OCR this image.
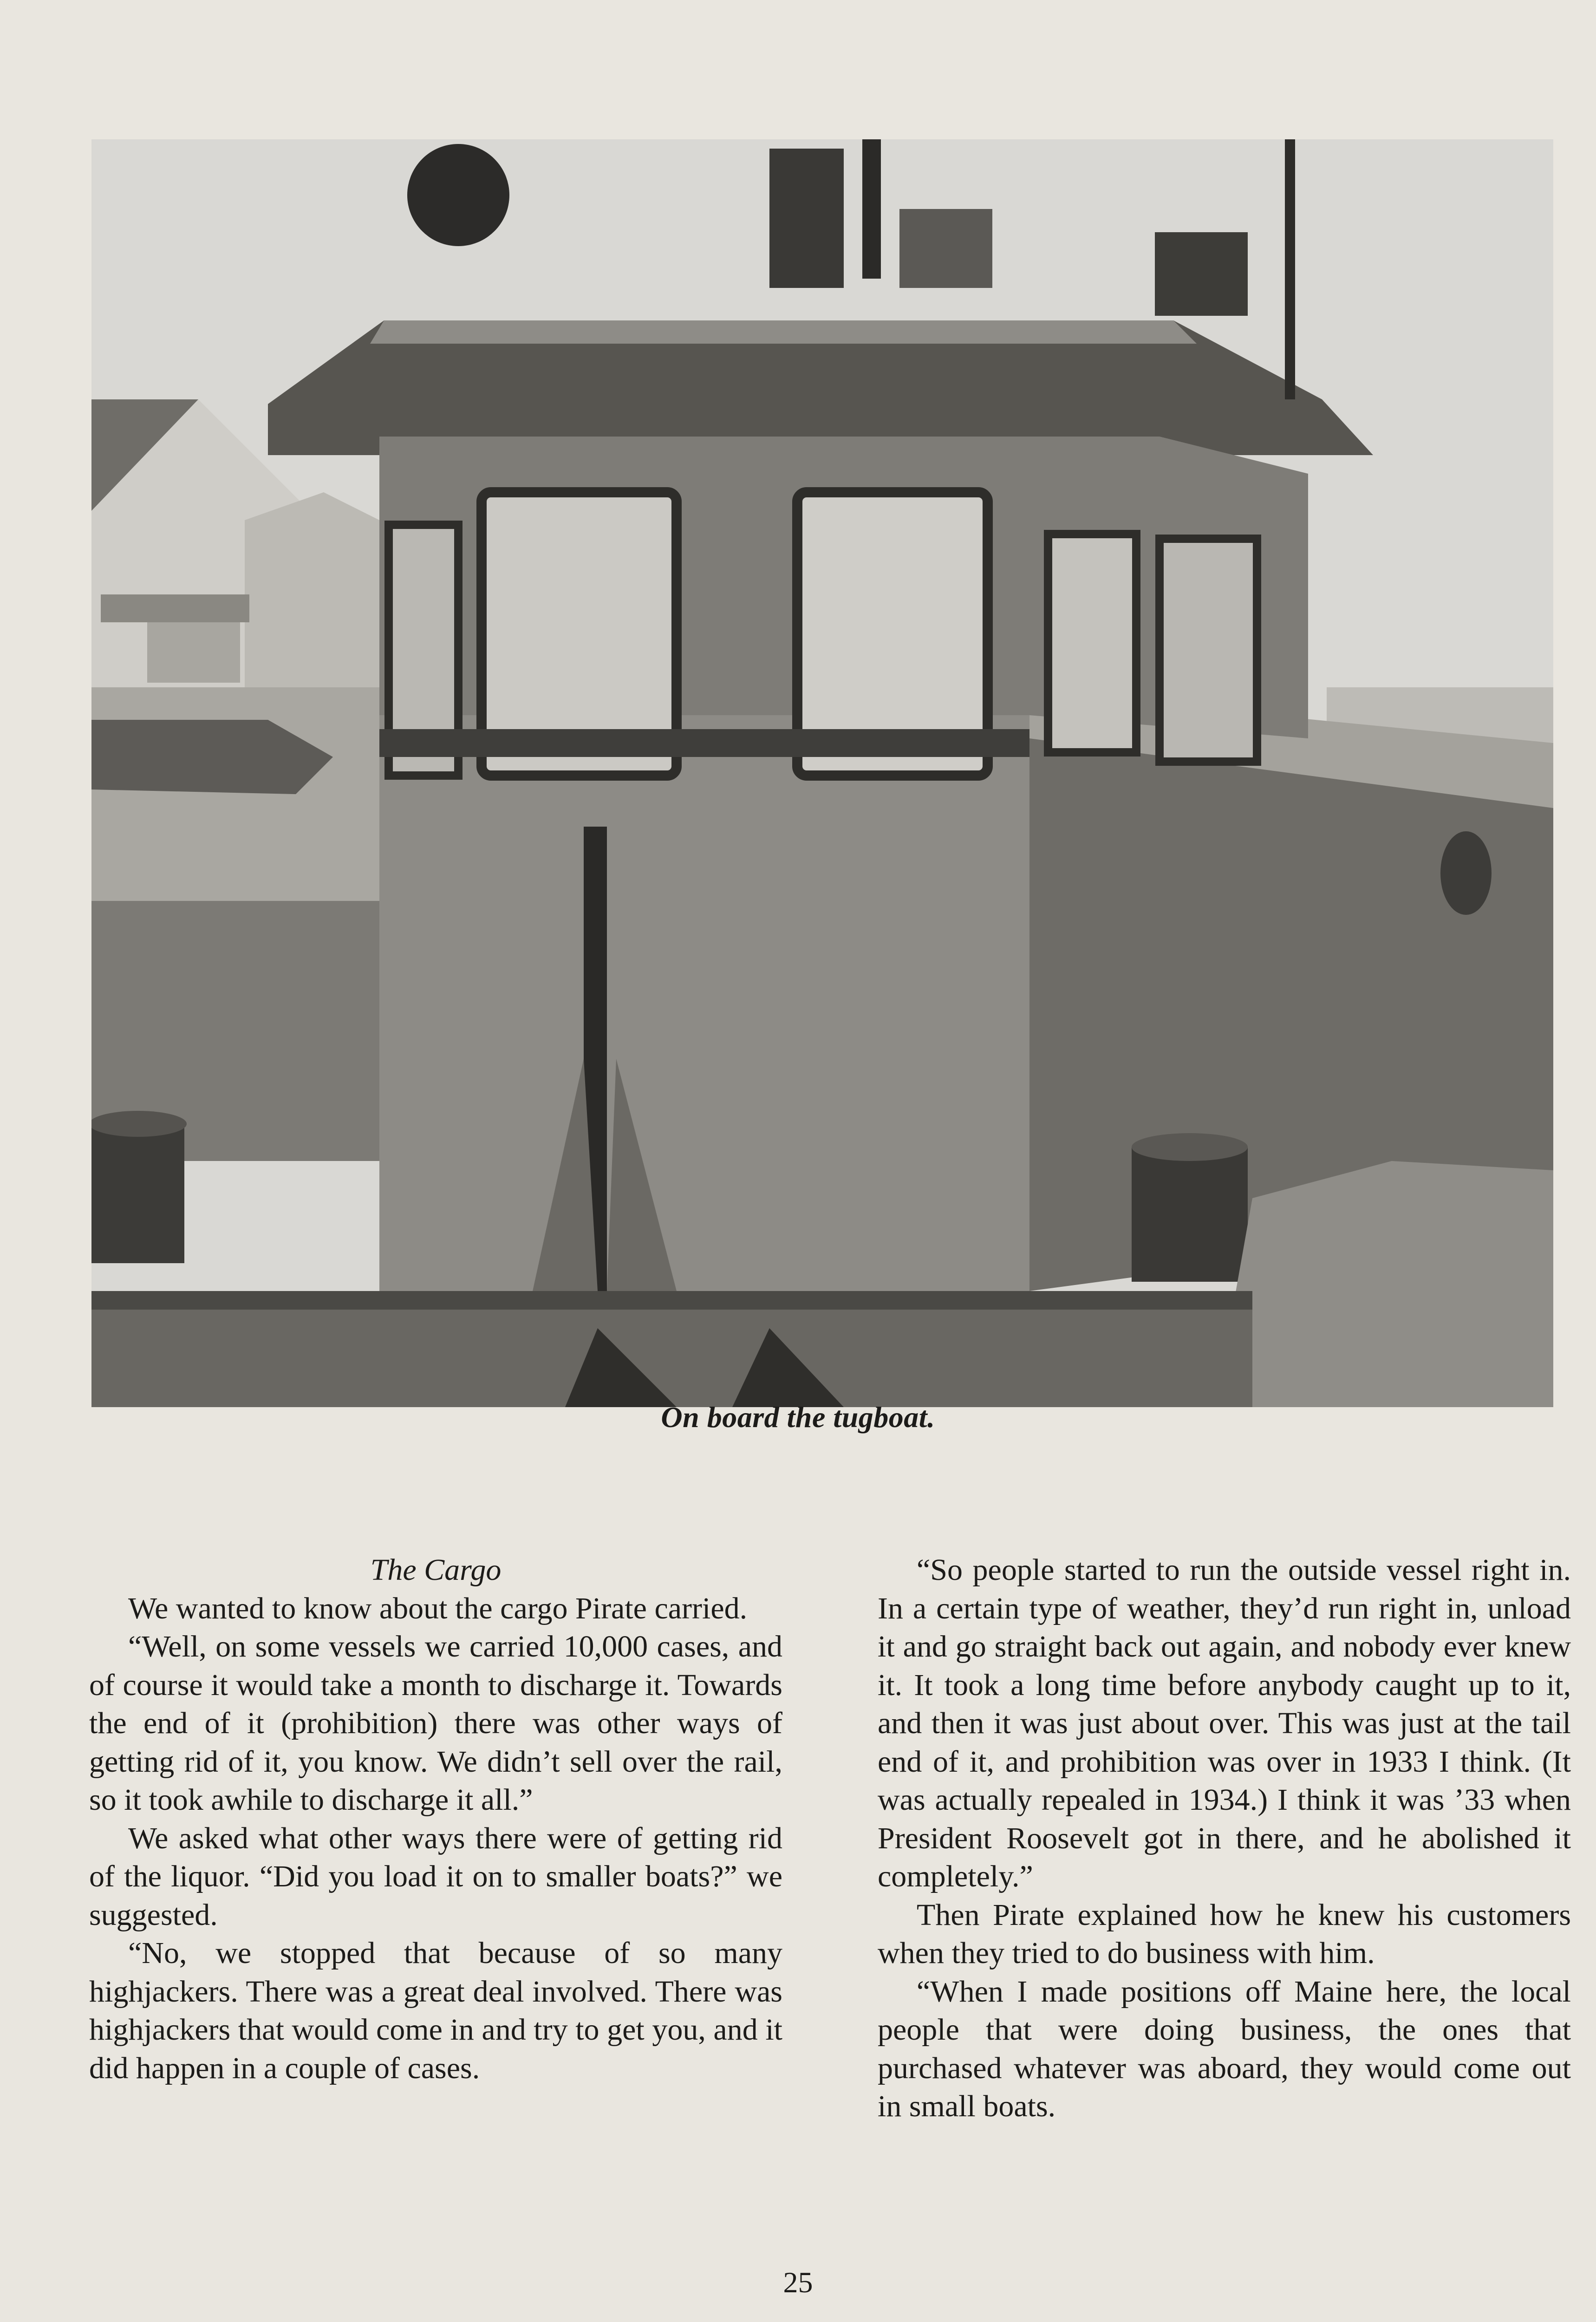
On board the tugboat.

The Cargo

We wanted to know about the cargo Pirate carried.

“Well, on some vessels we carried 10,000 cases, and of course it would take a month to discharge it. Towards the end of it (prohibition) there was other ways of getting rid of it, you know. We didn’t sell over the rail, so it took awhile to discharge it all.”

We asked what other ways there were of getting rid of the liquor. “Did you load it on to smaller boats?” we suggested.

“No, we stopped that because of so many highjackers. There was a great deal involved. There was highjackers that would come in and try to get you, and it did happen in a couple of cases.

“So people started to run the outside vessel right in. In a certain type of weather, they’d run right in, unload it and go straight back out again, and nobody ever knew it. It took a long time before anybody caught up to it, and then it was just about over. This was just at the tail end of it, and prohibition was over in 1933 I think. (It was actually repealed in 1934.) I think it was ’33 when President Roosevelt got in there, and he abolished it completely.”

Then Pirate explained how he knew his customers when they tried to do business with him.

“When I made positions off Maine here, the local people that were doing business, the ones that purchased whatever was aboard, they would come out in small boats.

25
